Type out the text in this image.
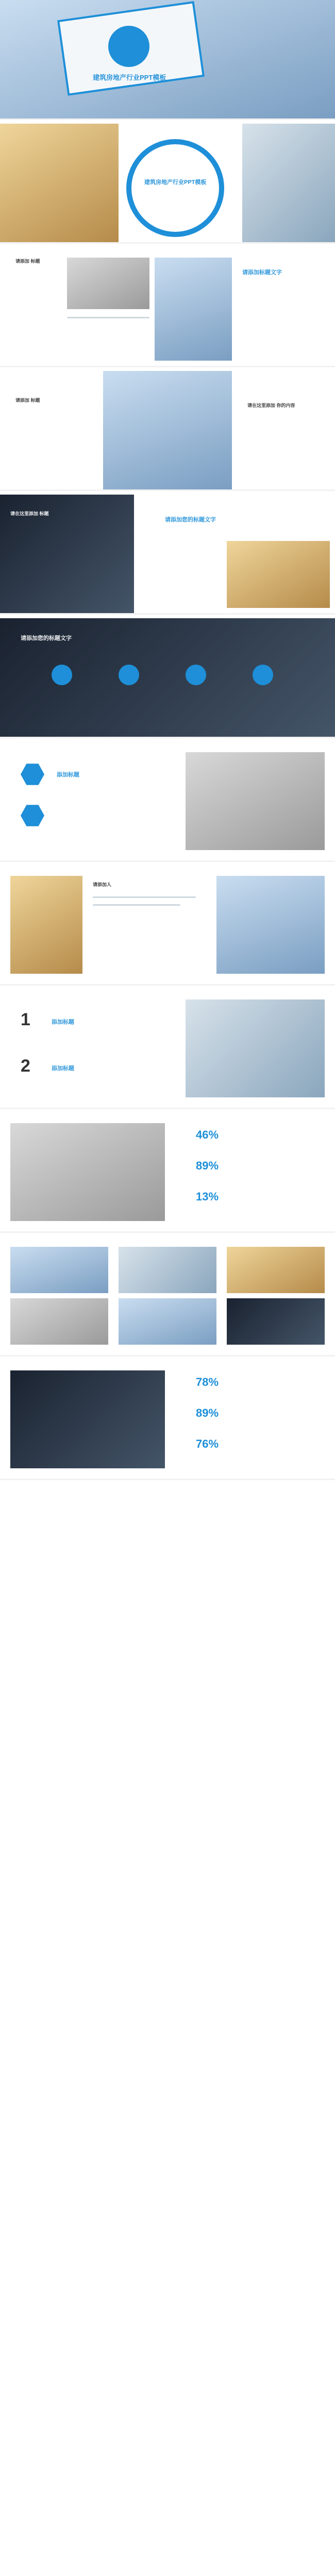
建筑房地产行业PPT模板
建筑房地产行业PPT模板
请添加 标题
请添加标题文字
请添加 标题
请在这里添加 你的内容
请在这里添加 标题
请添加您的标题文字
请添加您的标题文字
添加标题
请添加人
1
2
添加标题
添加标题
46%
89%
13%
78%
89%
76%
